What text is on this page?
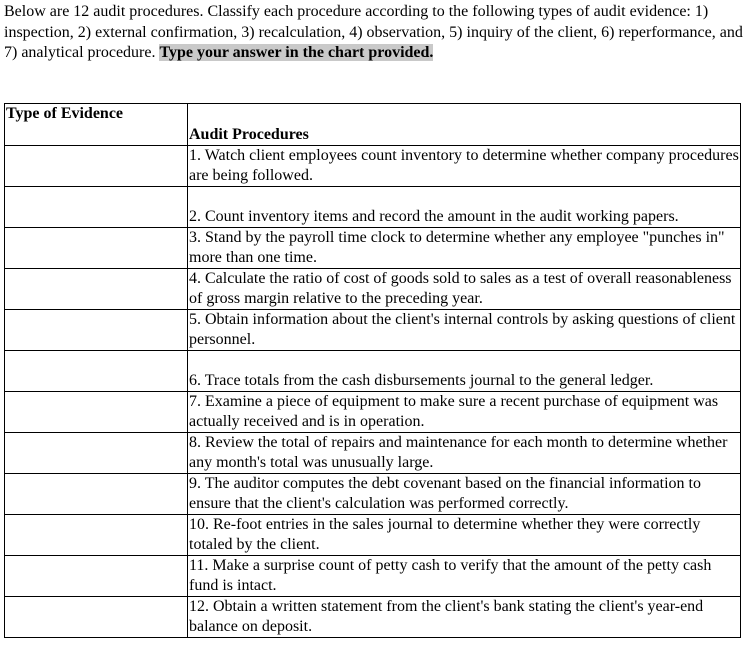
Below are 12 audit procedures. Classify each procedure according to the following types of audit evidence: 1) inspection, 2) external confirmation, 3) recalculation, 4) observation, 5) inquiry of the client, 6) reperformance, and 7) analytical procedure. Type your answer in the chart provided.
Type of Evidence	Audit Procedures
	1. Watch client employees count inventory to determine whether company procedures are being followed.
	2. Count inventory items and record the amount in the audit working papers.
	3. Stand by the payroll time clock to determine whether any employee "punches in" more than one time.
	4. Calculate the ratio of cost of goods sold to sales as a test of overall reasonableness of gross margin relative to the preceding year.
	5. Obtain information about the client's internal controls by asking questions of client personnel.
	6. Trace totals from the cash disbursements journal to the general ledger.
	7. Examine a piece of equipment to make sure a recent purchase of equipment was actually received and is in operation.
	8. Review the total of repairs and maintenance for each month to determine whether any month's total was unusually large.
	9. The auditor computes the debt covenant based on the financial information to ensure that the client's calculation was performed correctly.
	10. Re-foot entries in the sales journal to determine whether they were correctly totaled by the client.
	11. Make a surprise count of petty cash to verify that the amount of the petty cash fund is intact.
	12. Obtain a written statement from the client's bank stating the client's year-end balance on deposit.
